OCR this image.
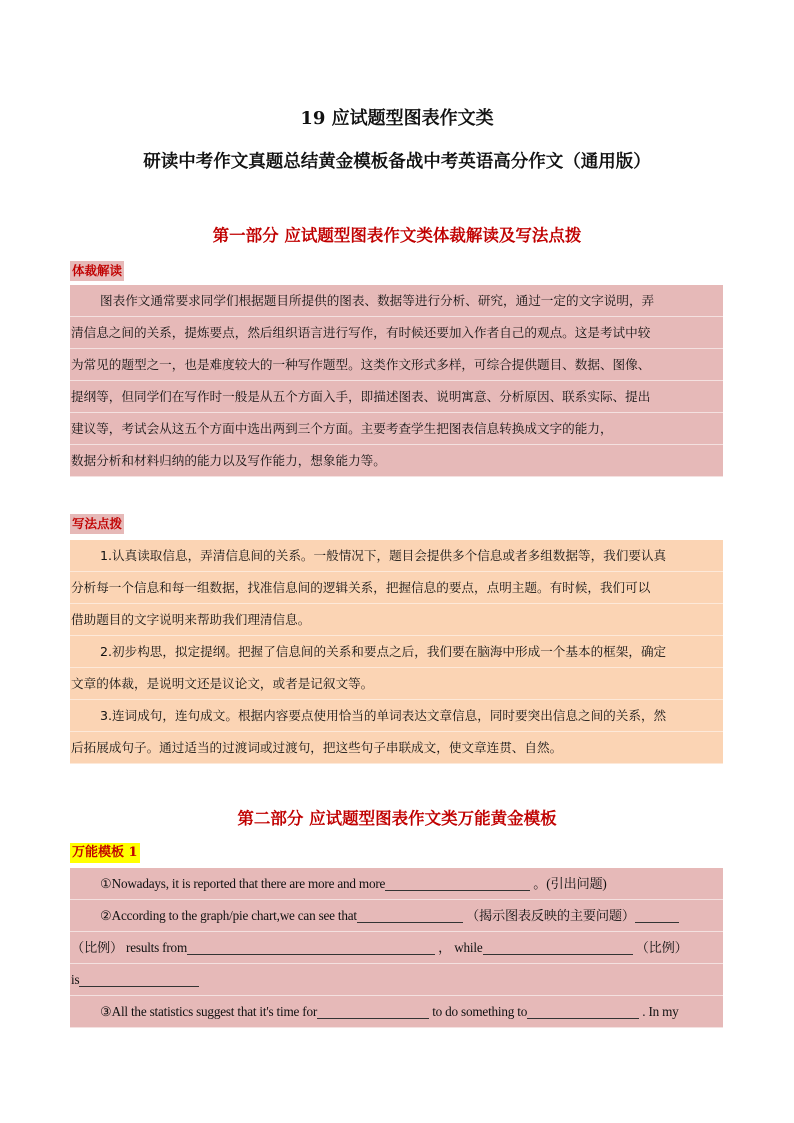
19 应试题型图表作文类
研读中考作文真题总结黄金模板备战中考英语高分作文（通用版）
第一部分 应试题型图表作文类体裁解读及写法点拨
体裁解读
图表作文通常要求同学们根据题目所提供的图表、数据等进行分析、研究，通过一定的文字说明，弄
清信息之间的关系，提炼要点，然后组织语言进行写作，有时候还要加入作者自己的观点。这是考试中较
为常见的题型之一，也是难度较大的一种写作题型。这类作文形式多样，可综合提供题目、数据、图像、
提纲等，但同学们在写作时一般是从五个方面入手，即描述图表、说明寓意、分析原因、联系实际、提出
建议等，考试会从这五个方面中选出两到三个方面。主要考查学生把图表信息转换成文字的能力，
数据分析和材料归纳的能力以及写作能力，想象能力等。
写法点拨
1.认真读取信息，弄清信息间的关系。一般情况下，题目会提供多个信息或者多组数据等，我们要认真
分析每一个信息和每一组数据，找准信息间的逻辑关系，把握信息的要点，点明主题。有时候，我们可以
借助题目的文字说明来帮助我们理清信息。
2.初步构思，拟定提纲。把握了信息间的关系和要点之后，我们要在脑海中形成一个基本的框架，确定
文章的体裁，是说明文还是议论文，或者是记叙文等。
3.连词成句，连句成文。根据内容要点使用恰当的单词表达文章信息，同时要突出信息之间的关系，然
后拓展成句子。通过适当的过渡词或过渡句，把这些句子串联成文，使文章连贯、自然。
第二部分 应试题型图表作文类万能黄金模板
万能模板 1
①Nowadays, it is reported that there are more and more	。(引出问题)
②According to the graph/pie chart,we can see that	（揭示图表反映的主要问题）
（比例） results from	， while	（比例）
is
③All the statistics suggest that it's time for	to do something to	. In my
